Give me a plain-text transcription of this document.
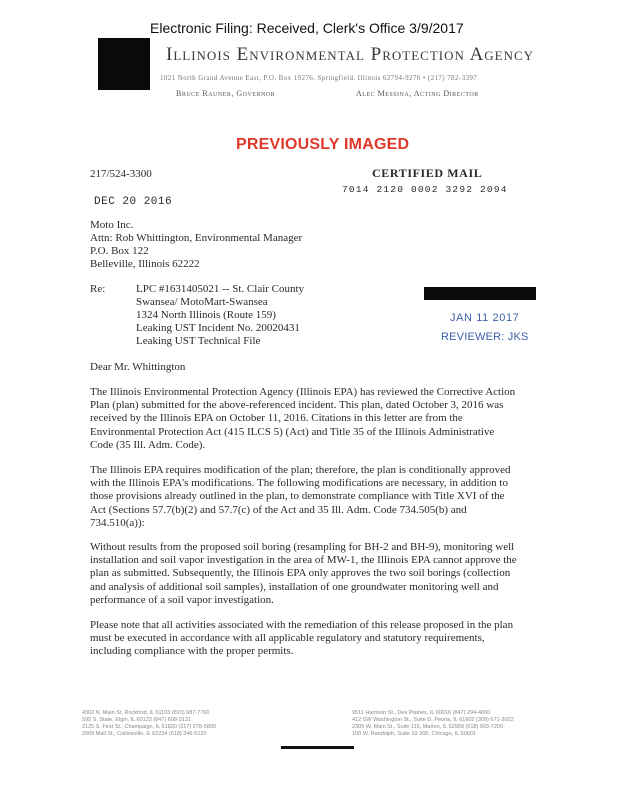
Electronic Filing: Received, Clerk's Office 3/9/2017
Illinois Environmental Protection Agency
1021 North Grand Avenue East, P.O. Box 19276, Springfield, Illinois 62794-9276 • (217) 782-3397
Bruce Rauner, Governor	Alec Messina, Acting Director
PREVIOUSLY IMAGED
217/524-3300	CERTIFIED MAIL
7014 2120 0002 3292 2094
DEC 20 2016
Moto Inc.
Attn: Rob Whittington, Environmental Manager
P.O. Box 122
Belleville, Illinois 62222
Re:	LPC #1631405021 -- St. Clair County
Swansea/ MotoMart-Swansea
1324 North Illinois (Route 159)
Leaking UST Incident No. 20020431
Leaking UST Technical File
JAN 11 2017
REVIEWER: JKS
Dear Mr. Whittington
The Illinois Environmental Protection Agency (Illinois EPA) has reviewed the Corrective Action
Plan (plan) submitted for the above-referenced incident. This plan, dated October 3, 2016 was
received by the Illinois EPA on October 11, 2016. Citations in this letter are from the
Environmental Protection Act (415 ILCS 5) (Act) and Title 35 of the Illinois Administrative
Code (35 Ill. Adm. Code).
The Illinois EPA requires modification of the plan; therefore, the plan is conditionally approved
with the Illinois EPA's modifications. The following modifications are necessary, in addition to
those provisions already outlined in the plan, to demonstrate compliance with Title XVI of the
Act (Sections 57.7(b)(2) and 57.7(c) of the Act and 35 Ill. Adm. Code 734.505(b) and
734.510(a)):
Without results from the proposed soil boring (resampling for BH-2 and BH-9), monitoring well
installation and soil vapor investigation in the area of MW-1, the Illinois EPA cannot approve the
plan as submitted. Subsequently, the Illinois EPA only approves the two soil borings (collection
and analysis of additional soil samples), installation of one groundwater monitoring well and
performance of a soil vapor investigation.
Please note that all activities associated with the remediation of this release proposed in the plan
must be executed in accordance with all applicable regulatory and statutory requirements,
including compliance with the proper permits.
4302 N. Main St, Rockford, IL 61103 (815) 987-7760
595 S. State, Elgin, IL 60123 (847) 608-3131
2125 S. First St., Champaign, IL 61820 (217) 278-5800
2009 Mall St., Collinsville, IL 62234 (618) 346-5120
9511 Harrison St., Des Plaines, IL 60016 (847) 294-4000
412 SW Washington St., Suite D, Peoria, IL 61602 (309) 671-3022
2309 W. Main St., Suite 116, Marion, IL 62959 (618) 993-7200
100 W. Randolph, Suite 10-300, Chicago, IL 60601
